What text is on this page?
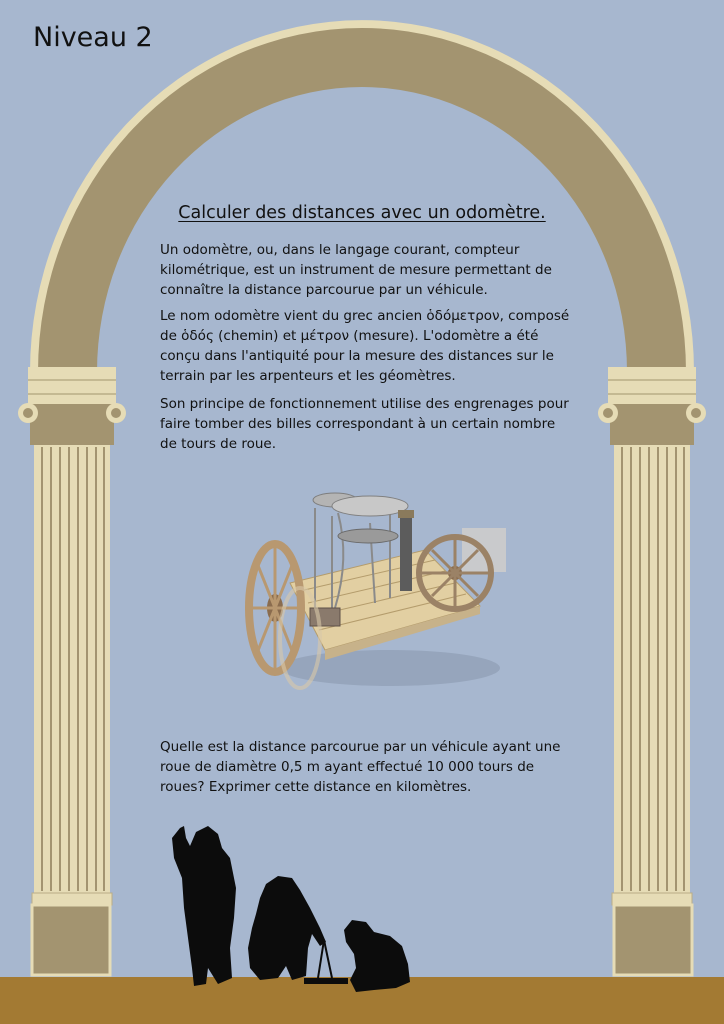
Niveau 2
Calculer des distances avec un odomètre.

Un odomètre, ou, dans le langage courant, compteur kilométrique, est un instrument de mesure permettant de connaître la distance parcourue par un véhicule.

Le nom odomètre vient du grec ancien ὁδόμετρον, composé de ὁδός (chemin) et μέτρον (mesure). L'odomètre a été conçu dans l'antiquité pour la mesure des distances sur le terrain par les arpenteurs et les géomètres.

Son principe de fonctionnement utilise des engrenages pour faire tomber des billes correspondant à un certain nombre de tours de roue.

Quelle est la distance parcourue par un véhicule ayant une roue de diamètre 0,5 m ayant effectué 10 000 tours de roues? Exprimer cette distance en kilomètres.
